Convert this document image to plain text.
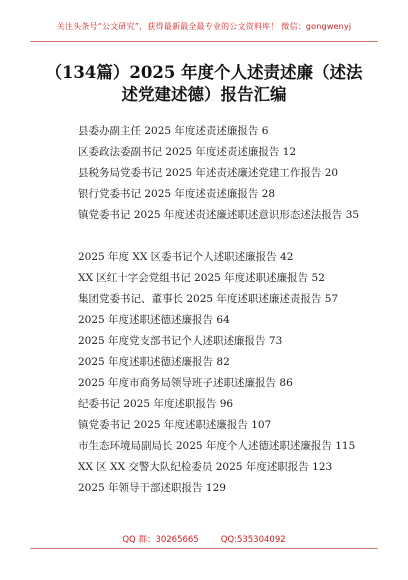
关注头条号“公文研究”，获得最新最全最专业的公文资料库！ 微信：gongwenyj
（134篇）2025 年度个人述责述廉（述法
述党建述德）报告汇编
县委办副主任 2025 年度述责述廉报告 6
区委政法委副书记 2025 年度述责述廉报告 12
县税务局党委书记 2025 年述责述廉述党建工作报告 20
银行党委书记 2025 年度述责述廉报告 28
镇党委书记 2025 年度述责述廉述职述意识形态述法报告 35
2025 年度 XX 区委书记个人述职述廉报告 42
XX 区红十字会党组书记 2025 年度述职述廉报告 52
集团党委书记、董事长 2025 年度述职述廉述责报告 57
2025 年度述职述德述廉报告 64
2025 年度党支部书记个人述职述廉报告 73
2025 年度述职述德述廉报告 82
2025 年度市商务局领导班子述职述廉报告 86
纪委书记 2025 年度述职报告 96
镇党委书记 2025 年度述职述廉报告 107
市生态环境局副局长 2025 年度个人述德述职述廉报告 115
XX 区 XX 交警大队纪检委员 2025 年度述职报告 123
2025 年领导干部述职报告 129
QQ 群：30265665	QQ:535304092
